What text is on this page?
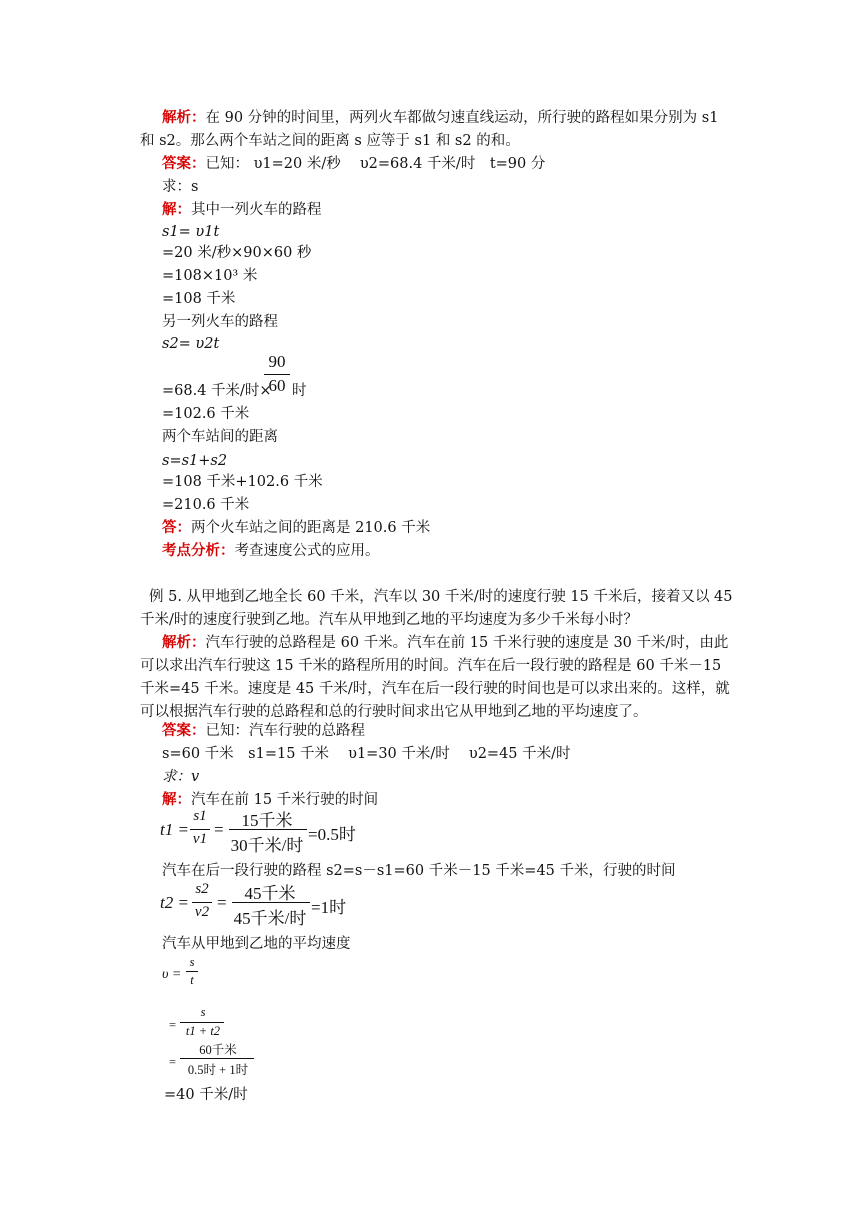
解析：在 90 分钟的时间里，两列火车都做匀速直线运动，所行驶的路程如果分别为 s1
和 s2。那么两个车站之间的距离 s 应等于 s1 和 s2 的和。
答案：已知： υ1=20 米/秒　 υ2=68.4 千米/时　t=90 分
求：s
解：其中一列火车的路程
s1= υ1t
=20 米/秒×90×60 秒
=108×10³ 米
=108 千米
另一列火车的路程
s2= υ2t
90
60
=68.4 千米/时× 时
=102.6 千米
两个车站间的距离
s=s1+s2
=108 千米+102.6 千米
=210.6 千米
答：两个火车站之间的距离是 210.6 千米
考点分析：考查速度公式的应用。
例 5. 从甲地到乙地全长 60 千米，汽车以 30 千米/时的速度行驶 15 千米后，接着又以 45
千米/时的速度行驶到乙地。汽车从甲地到乙地的平均速度为多少千米每小时？
解析：汽车行驶的总路程是 60 千米。汽车在前 15 千米行驶的速度是 30 千米/时，由此
可以求出汽车行驶这 15 千米的路程所用的时间。汽车在后一段行驶的路程是 60 千米－15
千米=45 千米。速度是 45 千米/时，汽车在后一段行驶的时间也是可以求出来的。这样，就
可以根据汽车行驶的总路程和总的行驶时间求出它从甲地到乙地的平均速度了。
答案：已知：汽车行驶的总路程
s=60 千米　s1=15 千米　 υ1=30 千米/时　 υ2=45 千米/时
求：v
解：汽车在前 15 千米行驶的时间
t1 =
s1
v1 =	15千米
30千米/时
=0.5时
汽车在后一段行驶的路程 s2=s－s1=60 千米－15 千米=45 千米，行驶的时间
t2 =
s2
v2 =	45千米
45千米/时
=1时
汽车从甲地到乙地的平均速度
υ =
s
t
=
s
t1 + t2
=
60千米
0.5时 + 1时
=40 千米/时
